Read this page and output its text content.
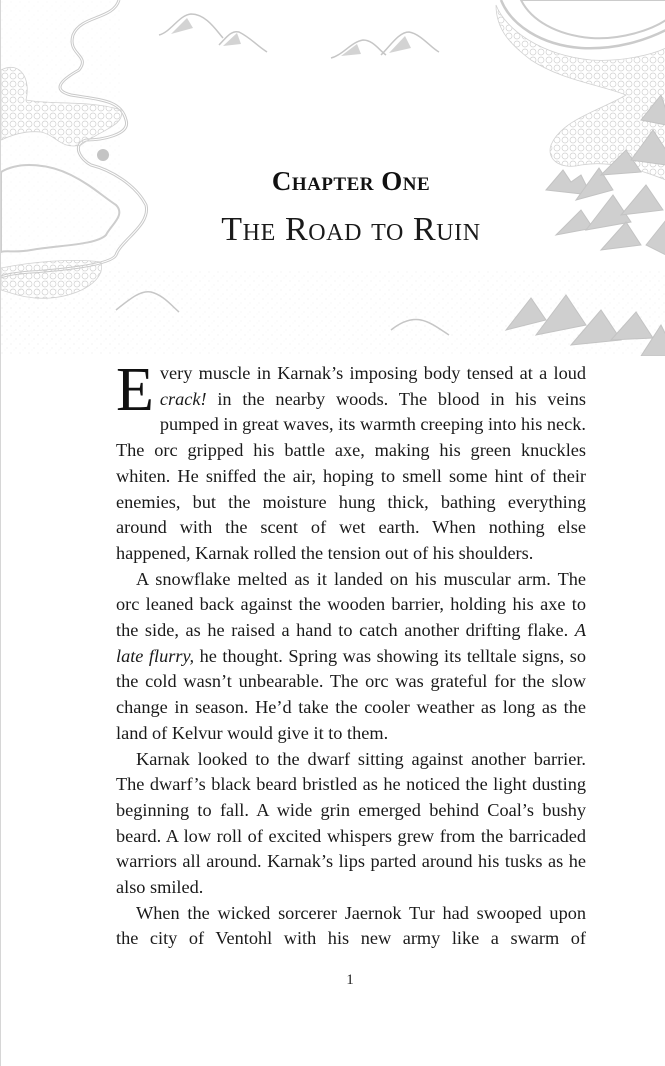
Chapter One
The Road to Ruin

Every muscle in Karnak’s imposing body tensed at a loud crack! in the nearby woods. The blood in his veins pumped in great waves, its warmth creeping into his neck. The orc gripped his battle axe, making his green knuckles whiten. He sniffed the air, hoping to smell some hint of their enemies, but the moisture hung thick, bathing everything around with the scent of wet earth. When nothing else happened, Karnak rolled the tension out of his shoulders.

A snowflake melted as it landed on his muscular arm. The orc leaned back against the wooden barrier, holding his axe to the side, as he raised a hand to catch another drifting flake. A late flurry, he thought. Spring was showing its telltale signs, so the cold wasn’t unbearable. The orc was grateful for the slow change in season. He’d take the cooler weather as long as the land of Kelvur would give it to them.

Karnak looked to the dwarf sitting against another barrier. The dwarf’s black beard bristled as he noticed the light dusting beginning to fall. A wide grin emerged behind Coal’s bushy beard. A low roll of excited whispers grew from the barricaded warriors all around. Karnak’s lips parted around his tusks as he also smiled.

When the wicked sorcerer Jaernok Tur had swooped upon the city of Ventohl with his new army like a swarm of

1
